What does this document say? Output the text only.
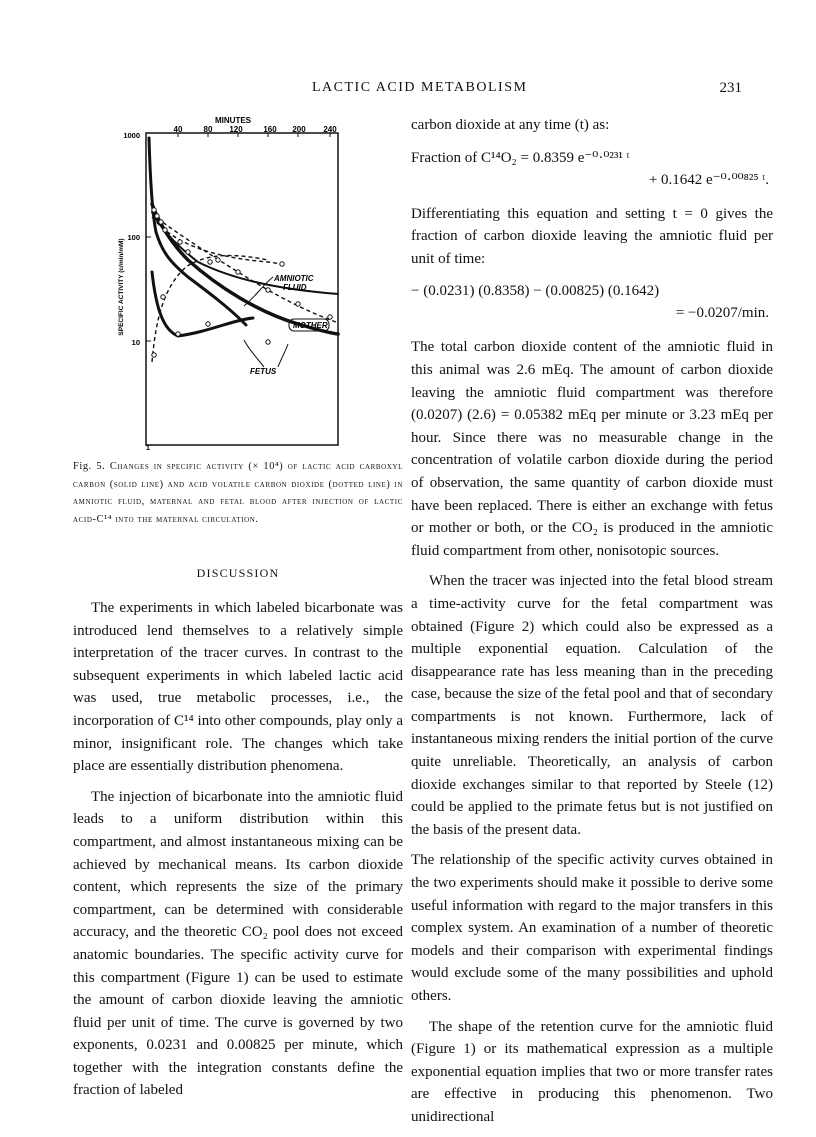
LACTIC ACID METABOLISM	231
MINUTES
40	80 120	160 200 240
1000
100
10
1
SPECIFIC ACTIVITY (c/min/mM)	AMNIOTIC
FLUID
MOTHER
FETUS
Fig. 5. Changes in specific activity (× 10⁴) of lactic acid carboxyl carbon (solid line) and acid volatile carbon dioxide (dotted line) in amniotic fluid, maternal and fetal blood after injection of lactic acid-C¹⁴ into the maternal circulation.
DISCUSSION

The experiments in which labeled bicarbonate was introduced lend themselves to a relatively simple interpretation of the tracer curves. In contrast to the subsequent experiments in which labeled lactic acid was used, true metabolic processes, i.e., the incorporation of C¹⁴ into other compounds, play only a minor, insignificant role. The changes which take place are essentially distribution phenomena.

The injection of bicarbonate into the amniotic fluid leads to a uniform distribution within this compartment, and almost instantaneous mixing can be achieved by mechanical means. Its carbon dioxide content, which represents the size of the primary compartment, can be determined with considerable accuracy, and the theoretic CO₂ pool does not exceed anatomic boundaries. The specific activity curve for this compartment (Figure 1) can be used to estimate the amount of carbon dioxide leaving the amniotic fluid per unit of time. The curve is governed by two exponents, 0.0231 and 0.00825 per minute, which together with the integration constants define the fraction of labeled

carbon dioxide at any time (t) as:

Fraction of C¹⁴O₂ = 0.8359 e⁻⁰·⁰²³¹ ᵗ
+ 0.1642 e⁻⁰·⁰⁰⁸²⁵ ᵗ.

Differentiating this equation and setting t = 0 gives the fraction of carbon dioxide leaving the amniotic fluid per unit of time:

− (0.0231) (0.8358) − (0.00825) (0.1642)
= −0.0207/min.

The total carbon dioxide content of the amniotic fluid in this animal was 2.6 mEq. The amount of carbon dioxide leaving the amniotic fluid compartment was therefore (0.0207) (2.6) = 0.05382 mEq per minute or 3.23 mEq per hour. Since there was no measurable change in the concentration of volatile carbon dioxide during the period of observation, the same quantity of carbon dioxide must have been replaced. There is either an exchange with fetus or mother or both, or the CO₂ is produced in the amniotic fluid compartment from other, nonisotopic sources.

When the tracer was injected into the fetal blood stream a time-activity curve for the fetal compartment was obtained (Figure 2) which could also be expressed as a multiple exponential equation. Calculation of the disappearance rate has less meaning than in the preceding case, because the size of the fetal pool and that of secondary compartments is not known. Furthermore, lack of instantaneous mixing renders the initial portion of the curve quite unreliable. Theoretically, an analysis of carbon dioxide exchanges similar to that reported by Steele (12) could be applied to the primate fetus but is not justified on the basis of the present data.

The relationship of the specific activity curves obtained in the two experiments should make it possible to derive some useful information with regard to the major transfers in this complex system. An examination of a number of theoretic models and their comparison with experimental findings would exclude some of the many possibilities and uphold others.

The shape of the retention curve for the amniotic fluid (Figure 1) or its mathematical expression as a multiple exponential equation implies that two or more transfer rates are effective in producing this phenomenon. Two unidirectional
